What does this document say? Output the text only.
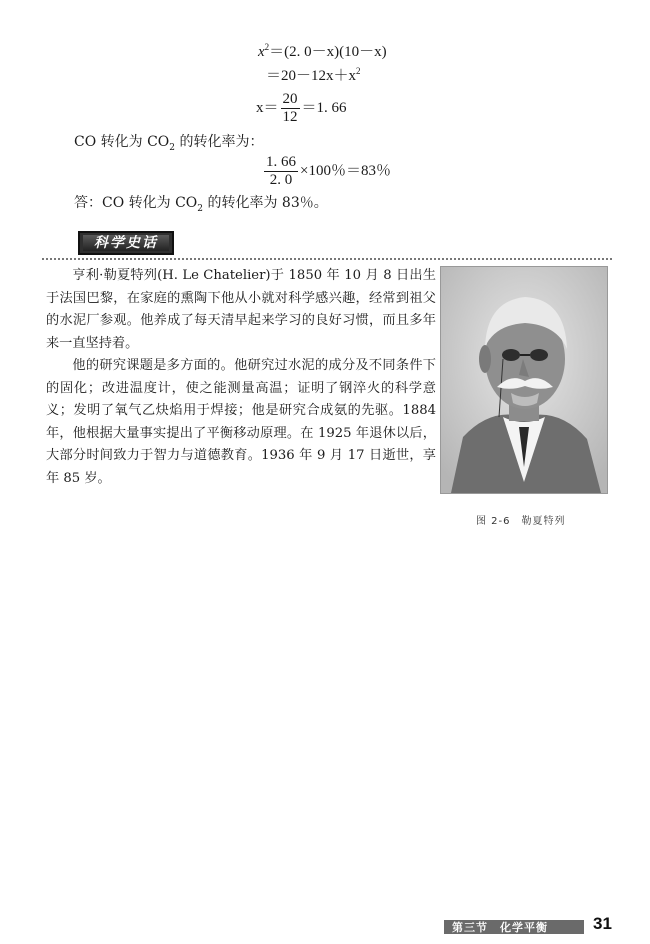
$x^2=(2$. 0－x)(10－x)
$=20-12x+x^2$
$x= \frac{20}{12} =1$. 66
CO 转化为 $CO_2$ 的转化率为：
$\frac{1. 66}{2. 0} \times 100$％＝83％
答：CO 转化为 $CO_2$ 的转化率为 83％。
科学史话

亨利·勒夏特列(H. Le Chatelier)于 1850 年 10 月 8 日出生于法国巴黎，在家庭的熏陶下他从小就对科学感兴趣，经常到祖父的水泥厂参观。他养成了每天清早起来学习的良好习惯，而且多年来一直坚持着。

他的研究课题是多方面的。他研究过水泥的成分及不同条件下的固化；改进温度计，使之能测量高温；证明了钢淬火的科学意义；发明了氧气乙炔焰用于焊接；他是研究合成氨的先驱。1884 年，他根据大量事实提出了平衡移动原理。在 1925 年退休以后，大部分时间致力于智力与道德教育。1936 年 9 月 17 日逝世，享年 85 岁。

图 2-6　勒夏特列
第三节　化学平衡	31
